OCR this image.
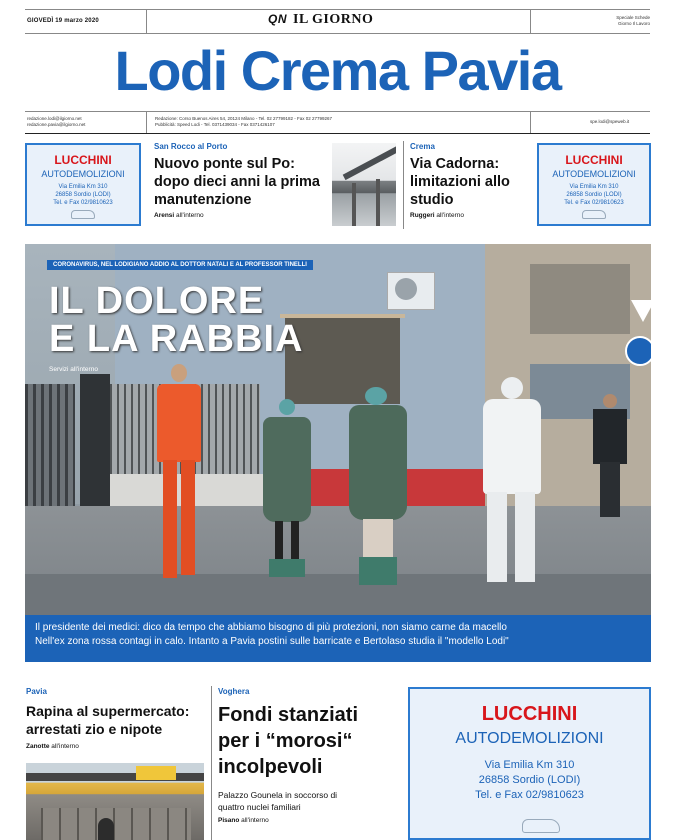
GIOVEDÌ 19 marzo 2020	QN IL GIORNO	Speciale Schede
Giorno Il Lavoro
Lodi Crema Pavia
redazione.lodi@ilgiorno.net
redazione.pavia@ilgiorno.net
Redazione: Corso Buenos Aires 54, 20124 Milano - Tel. 02 27799182 - Fax 02 27799267
Pubblicità: Speed Lodi - Tel. 0371439034 - Fax 0371426107
spe.lodi@speweb.it
LUCCHINI
AUTODEMOLIZIONI
Via Emilia Km 310
26858 Sordio (LODI)
Tel. e Fax 02/9810623
LUCCHINI
AUTODEMOLIZIONI
Via Emilia Km 310
26858 Sordio (LODI)
Tel. e Fax 02/9810623
San Rocco al Porto
Nuovo ponte sul Po: dopo dieci anni la prima manutenzione
Arensi all'interno
Crema
Via Cadorna: limitazioni allo studio
Ruggeri all'interno
CORONAVIRUS, NEL LODIGIANO ADDIO AL DOTTOR NATALI E AL PROFESSOR TINELLI
IL DOLORE
E LA RABBIA
Servizi all'interno
Il presidente dei medici: dico da tempo che abbiamo bisogno di più protezioni, non siamo carne da macello
Nell'ex zona rossa contagi in calo. Intanto a Pavia postini sulle barricate e Bertolaso studia il "modello Lodi"
Pavia
Rapina al supermercato: arrestati zio e nipote
Zanotte all'interno
Voghera
Fondi stanziati per i “morosi“ incolpevoli
Palazzo Gounela in soccorso di quattro nuclei familiari
Pisano all'interno
LUCCHINI
AUTODEMOLIZIONI
Via Emilia Km 310
26858 Sordio (LODI)
Tel. e Fax 02/9810623
